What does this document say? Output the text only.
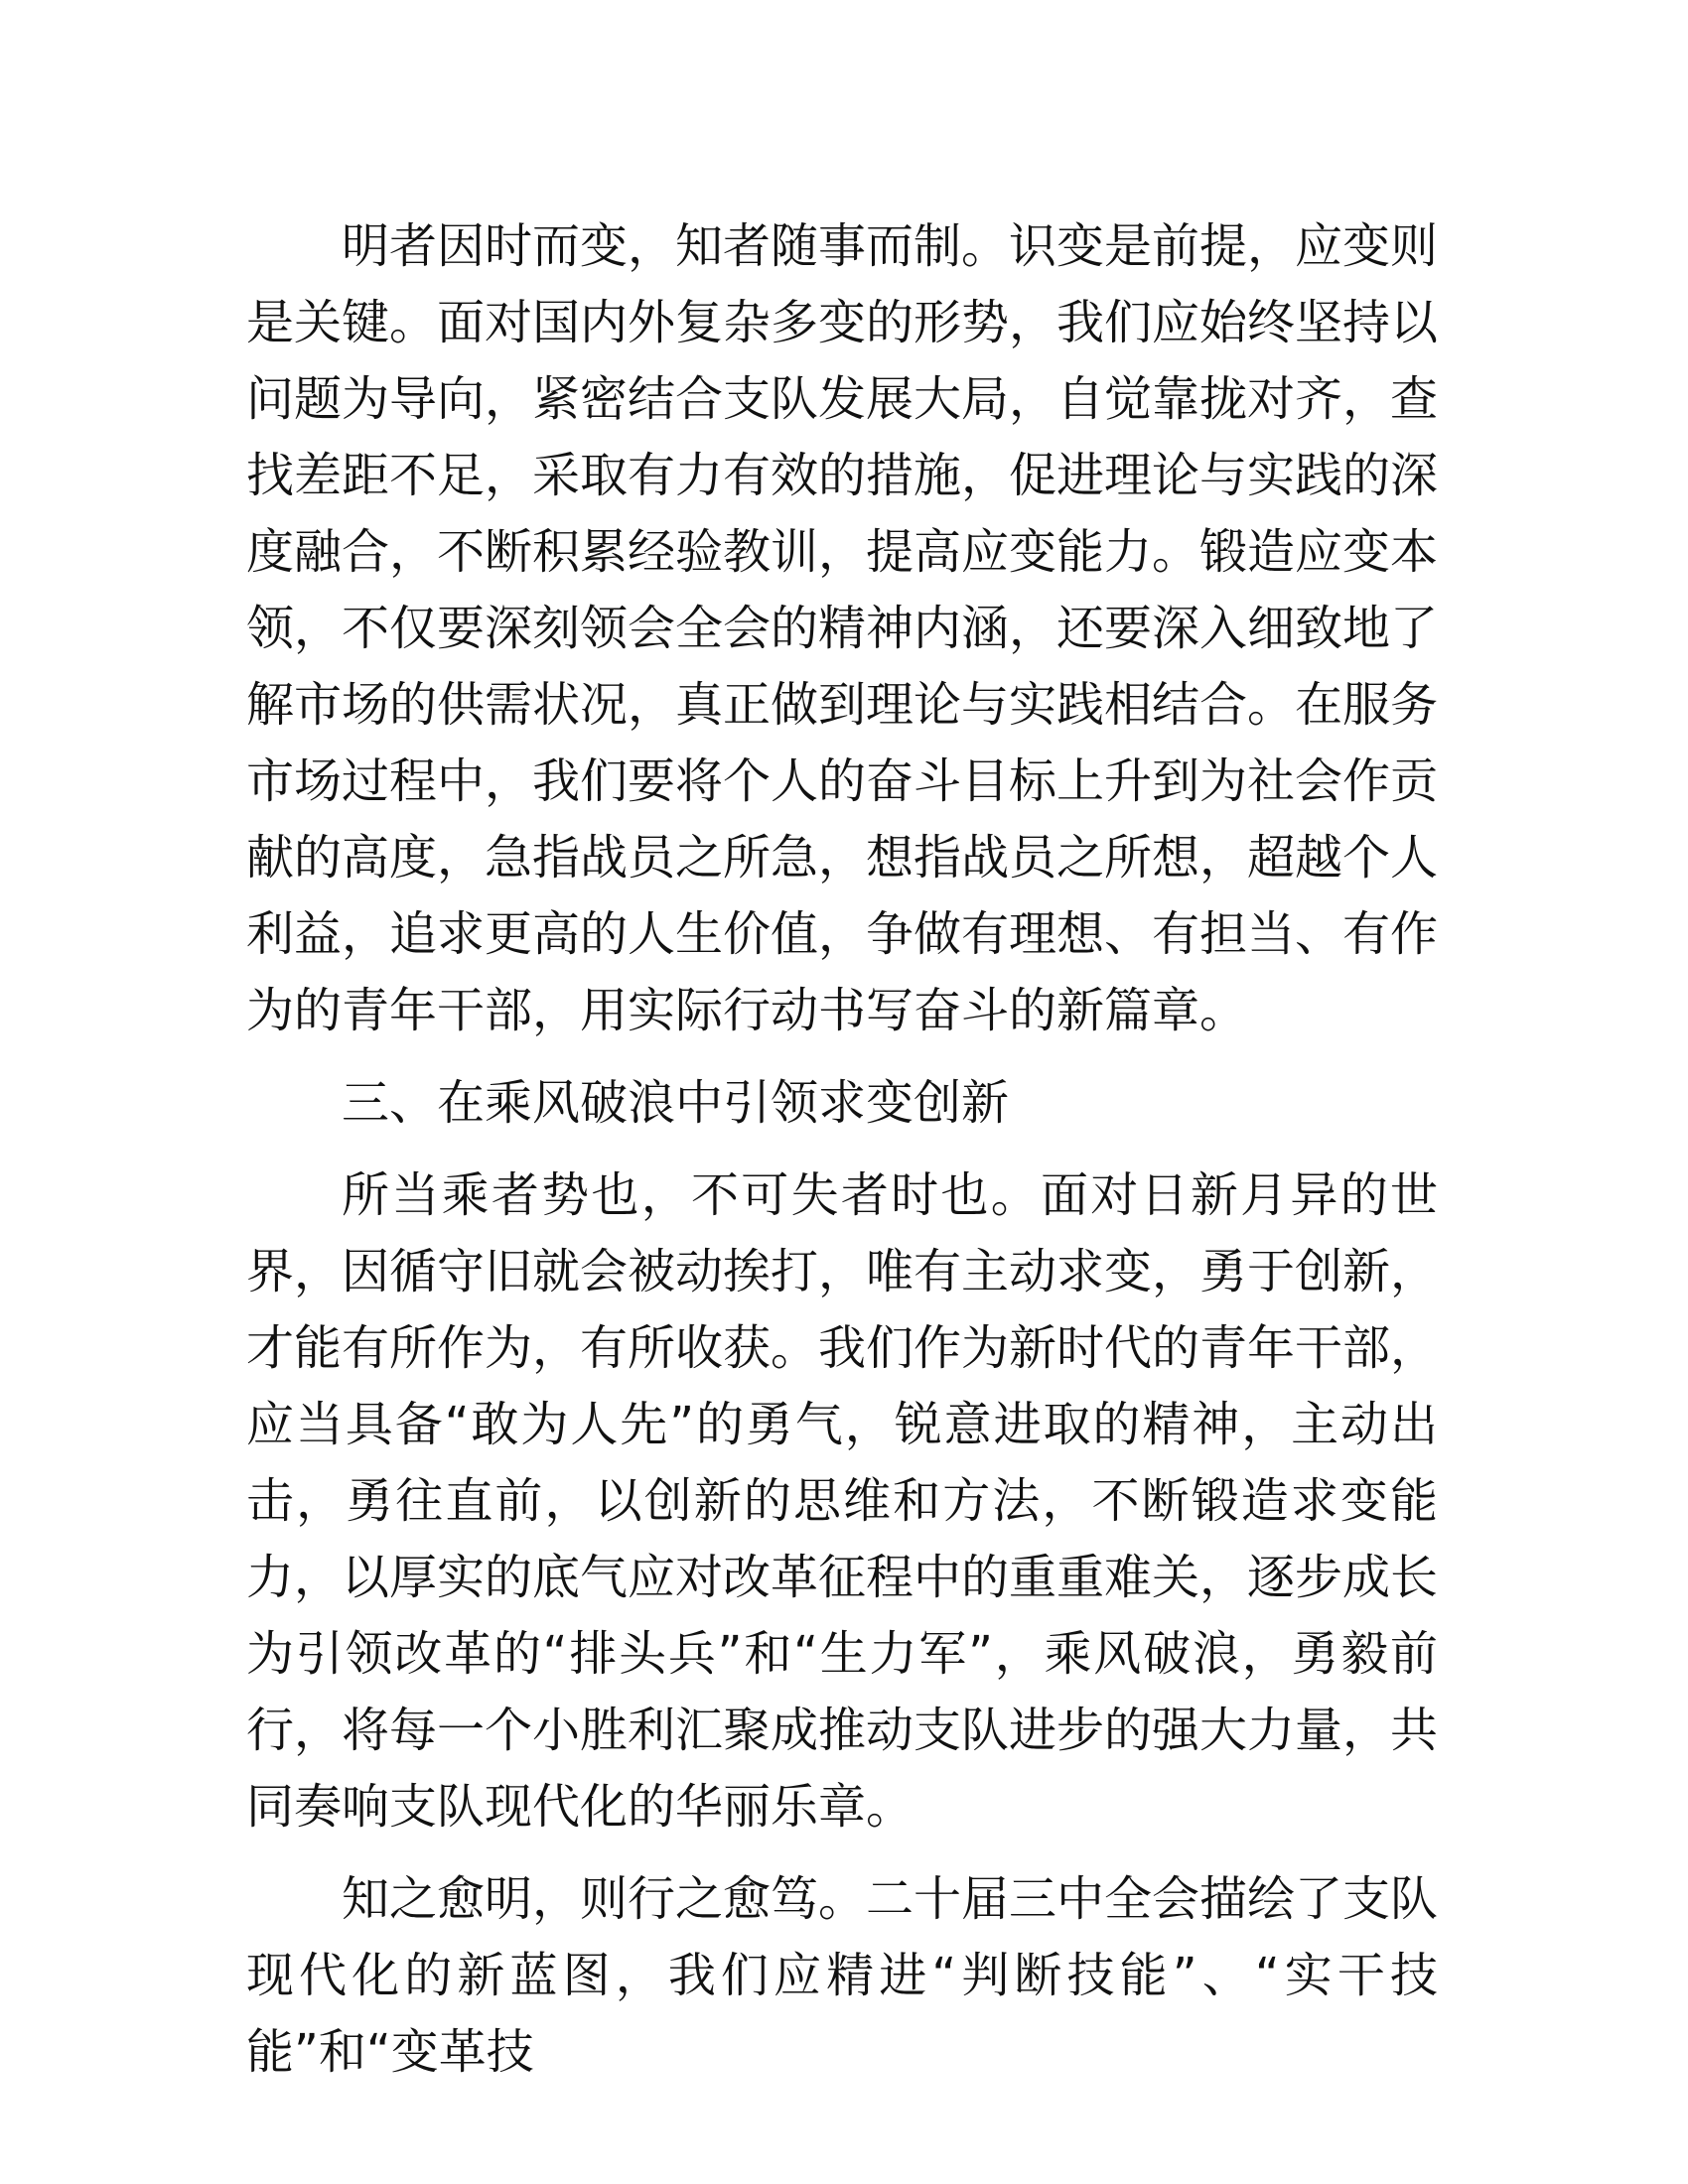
明者因时而变，知者随事而制。识变是前提，应变则是关键。面对国内外复杂多变的形势，我们应始终坚持以问题为导向，紧密结合支队发展大局，自觉靠拢对齐，查找差距不足，采取有力有效的措施，促进理论与实践的深度融合，不断积累经验教训，提高应变能力。锻造应变本领，不仅要深刻领会全会的精神内涵，还要深入细致地了解市场的供需状况，真正做到理论与实践相结合。在服务市场过程中，我们要将个人的奋斗目标上升到为社会作贡献的高度，急指战员之所急，想指战员之所想，超越个人利益，追求更高的人生价值，争做有理想、有担当、有作为的青年干部，用实际行动书写奋斗的新篇章。

三、在乘风破浪中引领求变创新

所当乘者势也，不可失者时也。面对日新月异的世界，因循守旧就会被动挨打，唯有主动求变，勇于创新，才能有所作为，有所收获。我们作为新时代的青年干部，应当具备“敢为人先”的勇气，锐意进取的精神，主动出击，勇往直前，以创新的思维和方法，不断锻造求变能力，以厚实的底气应对改革征程中的重重难关，逐步成长为引领改革的“排头兵”和“生力军”，乘风破浪，勇毅前行，将每一个小胜利汇聚成推动支队进步的强大力量，共同奏响支队现代化的华丽乐章。

知之愈明，则行之愈笃。二十届三中全会描绘了支队现代化的新蓝图，我们应精进“判断技能”、“实干技能”和“变革技
